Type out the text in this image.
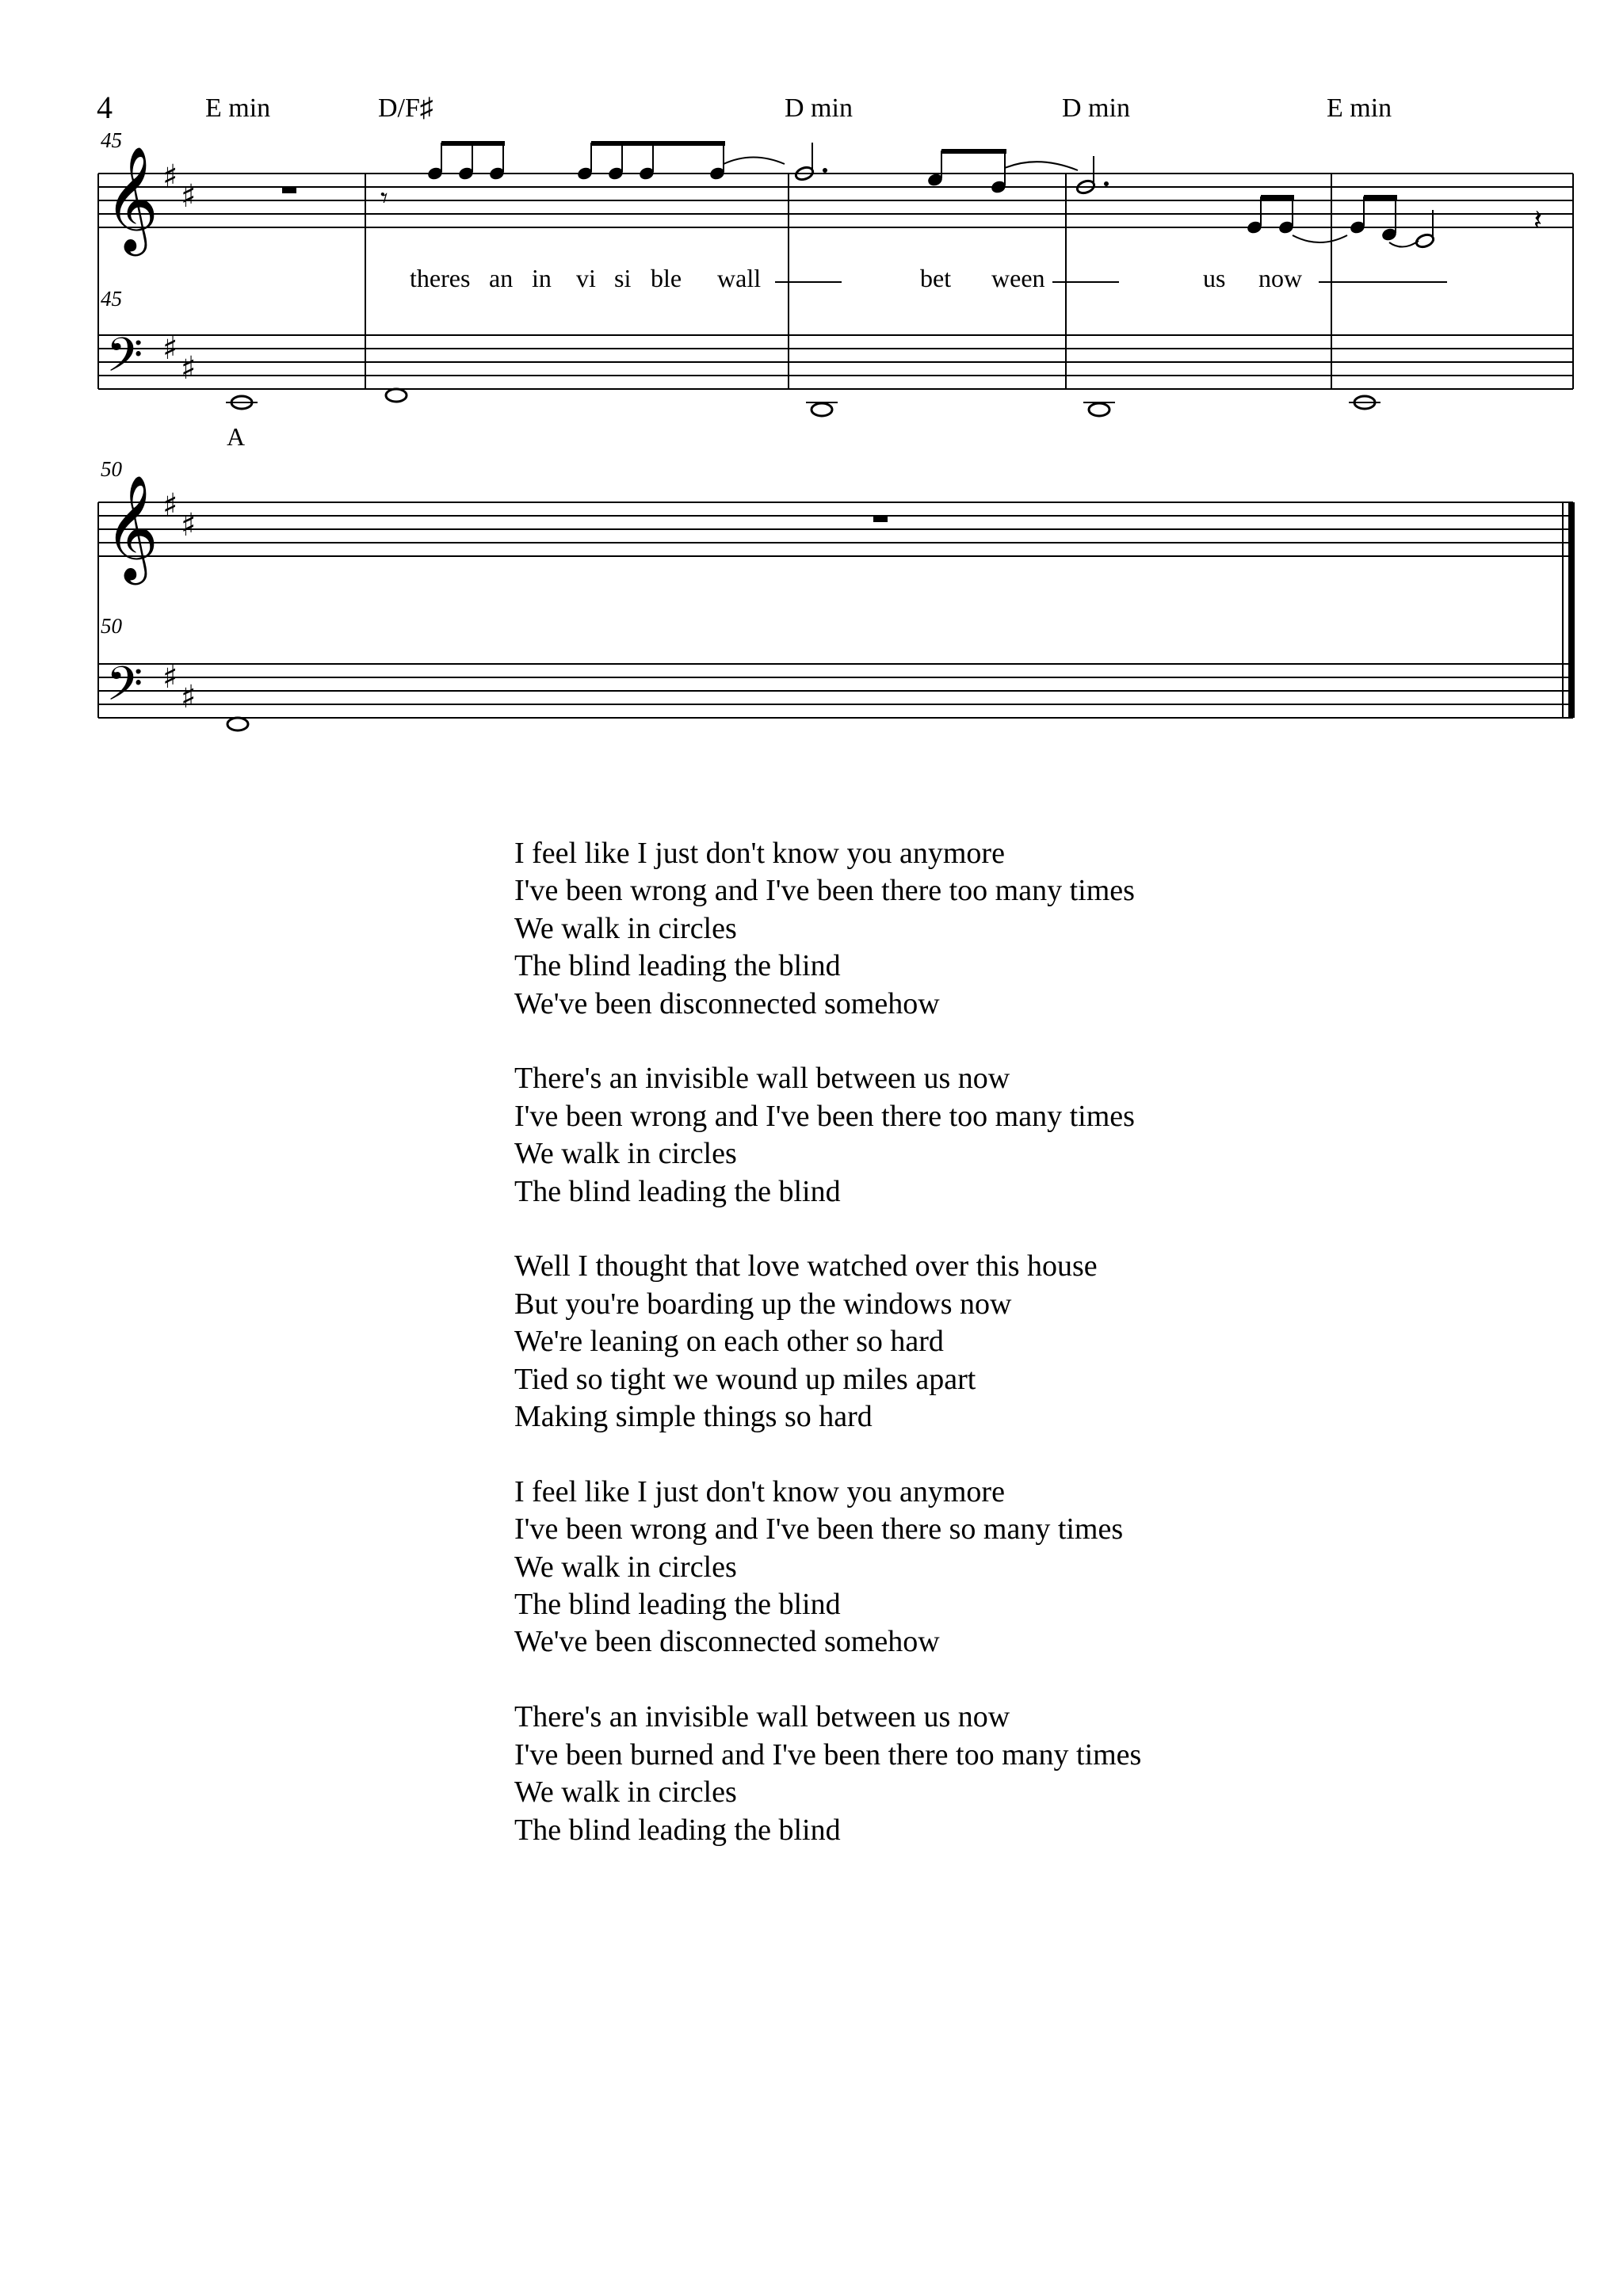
4	E min	D/F♯	D min	D min	E min
45
45
50
50
theres an in vi si ble wall	bet ween	us now
A
𝄞
𝄢
♯
♯
♯
♯
𝄾
𝄽
𝄞
𝄢
♯
♯
♯
♯
I feel like I just don't know you anymore
I've been wrong and I've been there too many times
We walk in circles
The blind leading the blind
We've been disconnected somehow
There's an invisible wall between us now
I've been wrong and I've been there too many times
We walk in circles
The blind leading the blind
Well I thought that love watched over this house
But you're boarding up the windows now
We're leaning on each other so hard
Tied so tight we wound up miles apart
Making simple things so hard
I feel like I just don't know you anymore
I've been wrong and I've been there so many times
We walk in circles
The blind leading the blind
We've been disconnected somehow
There's an invisible wall between us now
I've been burned and I've been there too many times
We walk in circles
The blind leading the blind
